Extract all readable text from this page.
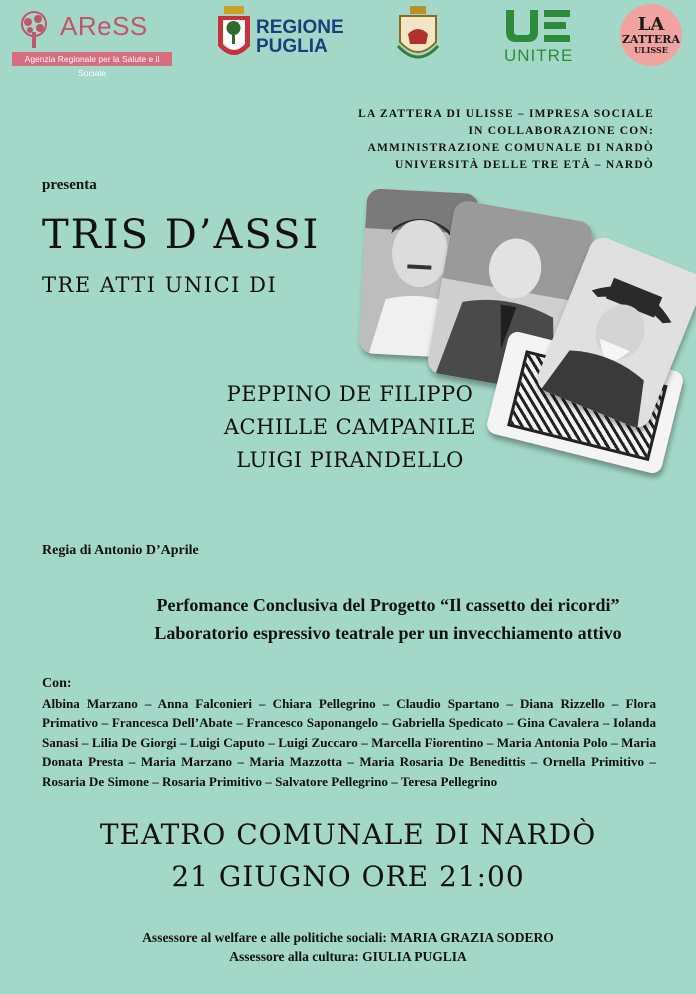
AReSS
Agenzia Regionale per la Salute e il Sociale
REGIONE
PUGLIA	UNITRE
LA
ZATTERA
ULISSE
LA ZATTERA DI ULISSE – IMPRESA SOCIALE
IN COLLABORAZIONE CON:
AMMINISTRAZIONE COMUNALE DI NARDÒ
UNIVERSITÀ DELLE TRE ETÀ – NARDÒ
presenta
TRIS D’ASSI
TRE ATTI UNICI DI
PEPPINO DE FILIPPO
ACHILLE CAMPANILE
LUIGI PIRANDELLO
Regia di Antonio D’Aprile
Perfomance Conclusiva del Progetto “Il cassetto dei ricordi”
Laboratorio espressivo teatrale per un invecchiamento attivo
Con:
Albina Marzano – Anna Falconieri – Chiara Pellegrino – Claudio Spartano – Diana Rizzello – Flora Primativo – Francesca Dell’Abate – Francesco Saponangelo – Gabriella Spedicato – Gina Cavalera – Iolanda Sanasi – Lilia De Giorgi – Luigi Caputo – Luigi Zuccaro – Marcella Fiorentino – Maria Antonia Polo – Maria Donata Presta – Maria Marzano – Maria Mazzotta – Maria Rosaria De Benedittis – Ornella Primitivo – Rosaria De Simone – Rosaria Primitivo – Salvatore Pellegrino – Teresa Pellegrino
TEATRO COMUNALE DI NARDÒ
21 GIUGNO ORE 21:00
Assessore al welfare e alle politiche sociali: MARIA GRAZIA SODERO
Assessore alla cultura: GIULIA PUGLIA
